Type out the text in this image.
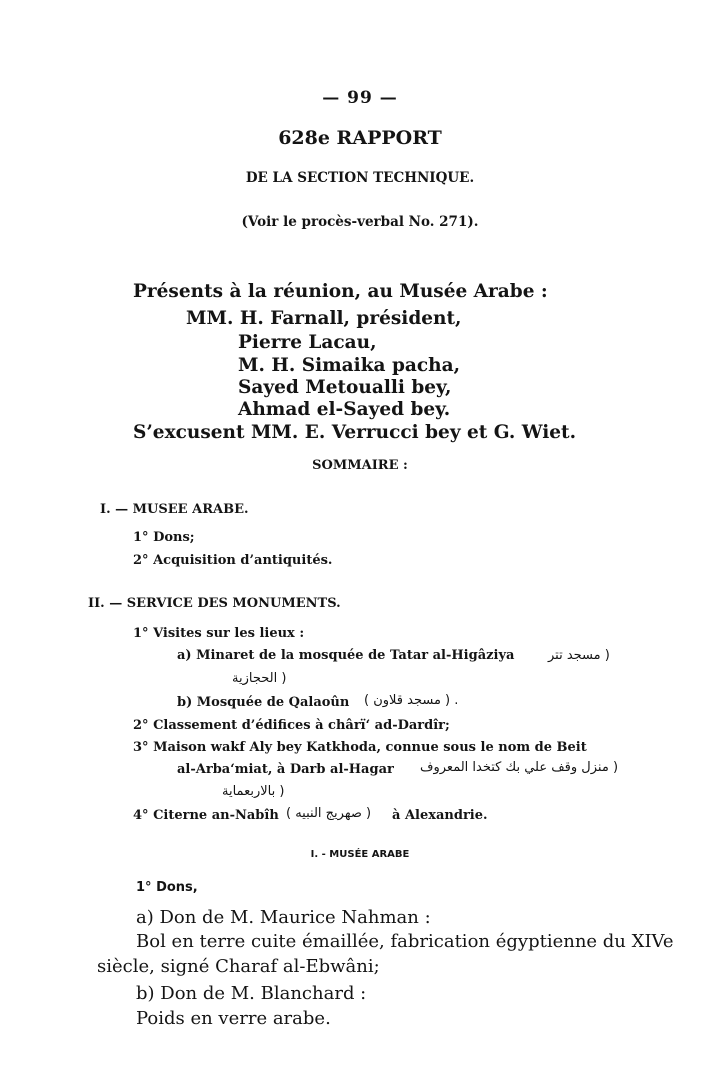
— 99 —
628e RAPPORT
DE LA SECTION TECHNIQUE.
(Voir le procès-verbal No. 271).
Présents à la réunion, au Musée Arabe :
MM. H. Farnall, président,
Pierre Lacau,
M. H. Simaika pacha,
Sayed Metoualli bey,
Ahmad el-Sayed bey.
S’excusent MM. E. Verrucci bey et G. Wiet.
SOMMAIRE :
I. — MUSEE ARABE.
1° Dons;
2° Acquisition d’antiquités.
II. — SERVICE DES MONUMENTS.
1° Visites sur les lieux :
a) Minaret de la mosquée de Tatar al-Higâziya	( مسجد تتر
( الحجازية
b) Mosquée de Qalaoûn . ( مسجد قلاون )
2° Classement d’édifices à chârï‘ ad-Dardîr;
3° Maison wakf Aly bey Katkhoda, connue sous le nom de Beit
al-Arba‘miat, à Darb al-Hagar ( منزل وقف علي بك كتخدا المعروف
( بالاربعماية
4° Citerne an-Nabîh ( صهريج النبيه ) à Alexandrie.
I. - MUSÉE ARABE
1° Dons,
a) Don de M. Maurice Nahman :
Bol en terre cuite émaillée, fabrication égyptienne du XIVe
siècle, signé Charaf al-Ebwâni;
b) Don de M. Blanchard :
Poids en verre arabe.
